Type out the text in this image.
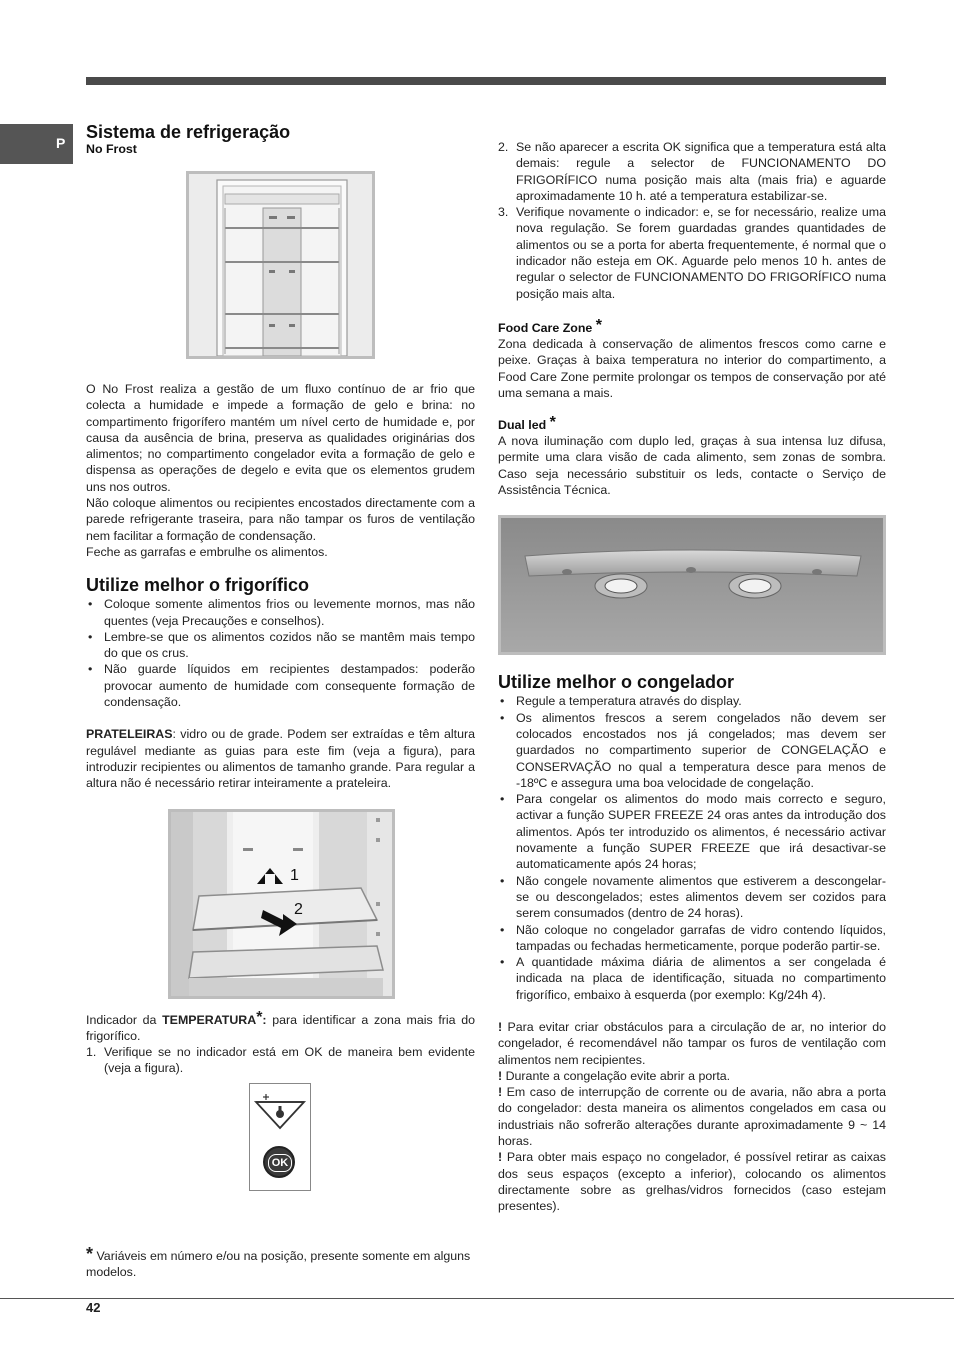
P
Sistema de refrigeração
No Frost

O No Frost realiza a gestão de um fluxo contínuo de ar frio que colecta a humidade e impede a formação de gelo e brina: no compartimento frigorífero mantém um nível certo de humidade e, por causa da ausência de brina, preserva as qualidades originárias dos alimentos; no compartimento congelador evita a formação de gelo e dispensa as operações de degelo e evita que os elementos grudem uns nos outros.

Não coloque alimentos ou recipientes encostados directamente com a parede refrigerante traseira, para não tampar os furos de ventilação nem facilitar a formação de condensação.

Feche as garrafas e embrulhe os alimentos.

Utilize melhor o frigorífico
• Coloque somente alimentos frios ou levemente mornos, mas não quentes (veja Precauções e conselhos).
• Lembre-se que os alimentos cozidos não se mantêm mais tempo do que os crus.
• Não guarde líquidos em recipientes destampados: poderão provocar aumento de humidade com consequente formação de condensação.

PRATELEIRAS: vidro ou de grade. Podem ser extraídas e têm altura regulável mediante as guias para este fim (veja a figura), para introduzir recipientes ou alimentos de tamanho grande. Para regular a altura não é necessário retirar inteiramente a prateleira.

1
2

Indicador da TEMPERATURA*: para identificar a zona mais fria do frigorífico.

1. Verifique se no indicador está em OK de maneira bem evidente (veja a figura).
OK
* Variáveis em número e/ou na posição, presente somente em alguns modelos.
2. Se não aparecer a escrita OK significa que a temperatura está alta demais: regule a selector de FUNCIONAMENTO DO FRIGORÍFICO numa posição mais alta (mais fria) e aguarde aproximadamente 10 h. até a temperatura estabilizar-se.
3. Verifique novamente o indicador: e, se for necessário, realize uma nova regulação. Se forem guardadas grandes quantidades de alimentos ou se a porta for aberta frequentemente, é normal que o indicador não esteja em OK. Aguarde pelo menos 10 h. antes de regular o selector de FUNCIONAMENTO DO FRIGORÍFICO numa posição mais alta.
Food Care Zone *

Zona dedicada à conservação de alimentos frescos como carne e peixe. Graças à baixa temperatura no interior do compartimento, a Food Care Zone permite prolongar os tempos de conservação por até uma semana a mais.

Dual led *

A nova iluminação com duplo led, graças à sua intensa luz difusa, permite uma clara visão de cada alimento, sem zonas de sombra. Caso seja necessário substituir os leds, contacte o Serviço de Assistência Técnica.

Utilize melhor o congelador
• Regule a temperatura através do display.
• Os alimentos frescos a serem congelados não devem ser colocados encostados nos já congelados; mas devem ser guardados no compartimento superior de CONGELAÇÃO e CONSERVAÇÃO no qual a temperatura desce para menos de -18ºC e assegura uma boa velocidade de congelação.
• Para congelar os alimentos do modo mais correcto e seguro, activar a função SUPER FREEZE 24 oras antes da introdução dos alimentos. Após ter introduzido os alimentos, é necessário activar novamente a função SUPER FREEZE que irá desactivar-se automaticamente após 24 horas;
• Não congele novamente alimentos que estiverem a descongelar-se ou descongelados; estes alimentos devem ser cozidos para serem consumados (dentro de 24 horas).
• Não coloque no congelador garrafas de vidro contendo líquidos, tampadas ou fechadas hermeticamente, porque poderão partir-se.
• A quantidade máxima diária de alimentos a ser congelada é indicada na placa de identificação, situada no compartimento frigorífico, embaixo à esquerda (por exemplo: Kg/24h 4).

! Para evitar criar obstáculos para a circulação de ar, no interior do congelador, é recomendável não tampar os furos de ventilação com alimentos nem recipientes.

! Durante a congelação evite abrir a porta.

! Em caso de interrupção de corrente ou de avaria, não abra a porta do congelador: desta maneira os alimentos congelados em casa ou industriais não sofrerão alterações durante aproximadamente 9 ~ 14 horas.

! Para obter mais espaço no congelador, é possível retirar as caixas dos seus espaços (excepto a inferior), colocando os alimentos directamente sobre as grelhas/vidros fornecidos (caso estejam presentes).

42
